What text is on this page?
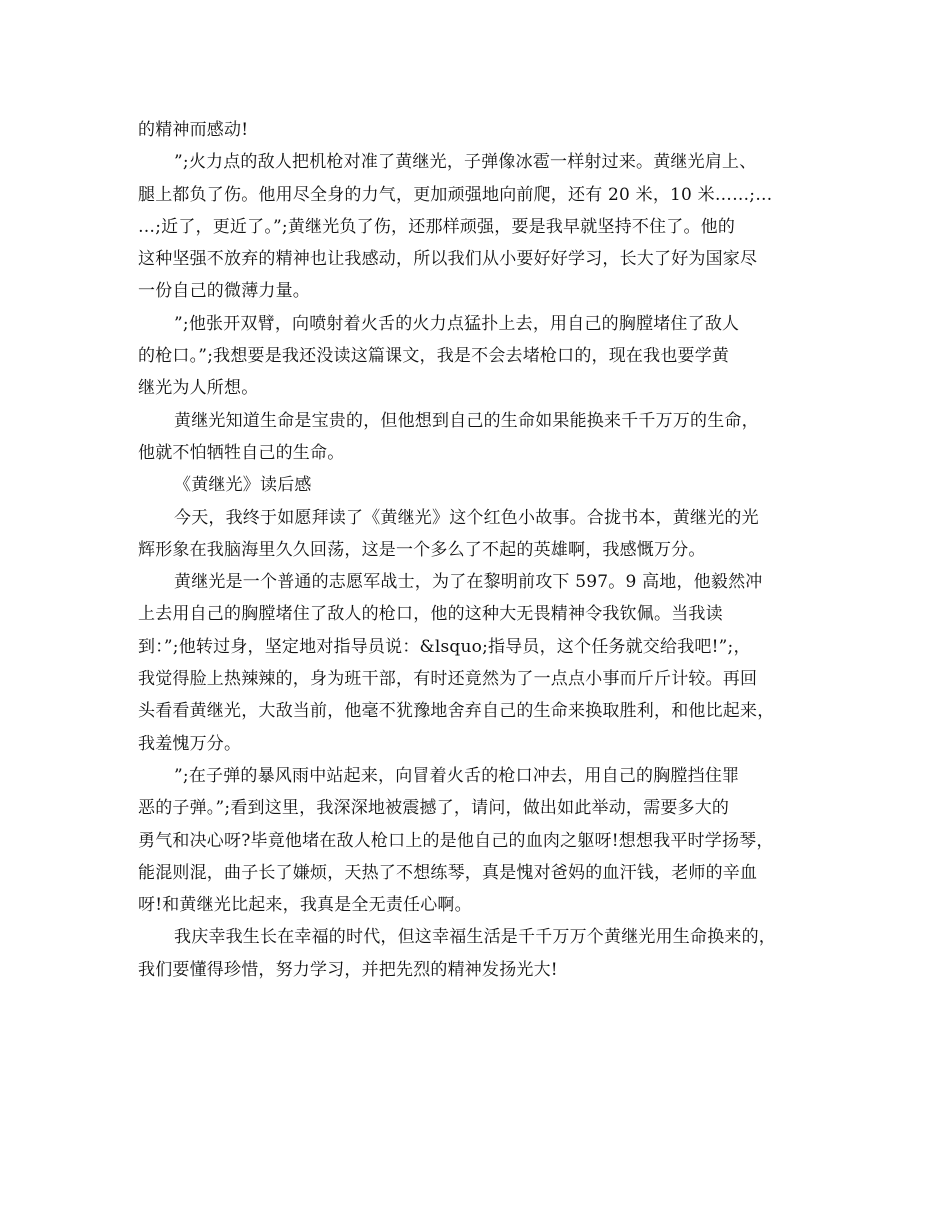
的精神而感动!
”;火力点的敌人把机枪对准了黄继光，子弹像冰雹一样射过来。黄继光肩上、
腿上都负了伤。他用尽全身的力气，更加顽强地向前爬，还有 20 米，10 米……;…
…;近了，更近了。”;黄继光负了伤，还那样顽强，要是我早就坚持不住了。他的
这种坚强不放弃的精神也让我感动，所以我们从小要好好学习，长大了好为国家尽
一份自己的微薄力量。
”;他张开双臂，向喷射着火舌的火力点猛扑上去，用自己的胸膛堵住了敌人
的枪口。”;我想要是我还没读这篇课文，我是不会去堵枪口的，现在我也要学黄
继光为人所想。
黄继光知道生命是宝贵的，但他想到自己的生命如果能换来千千万万的生命，
他就不怕牺牲自己的生命。
《黄继光》读后感
今天，我终于如愿拜读了《黄继光》这个红色小故事。合拢书本，黄继光的光
辉形象在我脑海里久久回荡，这是一个多么了不起的英雄啊，我感慨万分。
黄继光是一个普通的志愿军战士，为了在黎明前攻下 597。9 高地，他毅然冲
上去用自己的胸膛堵住了敌人的枪口，他的这种大无畏精神令我钦佩。当我读
到：”;他转过身，坚定地对指导员说：&lsquo;指导员，这个任务就交给我吧!”;，
我觉得脸上热辣辣的，身为班干部，有时还竟然为了一点点小事而斤斤计较。再回
头看看黄继光，大敌当前，他毫不犹豫地舍弃自己的生命来换取胜利，和他比起来，
我羞愧万分。
”;在子弹的暴风雨中站起来，向冒着火舌的枪口冲去，用自己的胸膛挡住罪
恶的子弹。”;看到这里，我深深地被震撼了，请问，做出如此举动，需要多大的
勇气和决心呀?毕竟他堵在敌人枪口上的是他自己的血肉之躯呀!想想我平时学扬琴，
能混则混，曲子长了嫌烦，天热了不想练琴，真是愧对爸妈的血汗钱，老师的辛血
呀!和黄继光比起来，我真是全无责任心啊。
我庆幸我生长在幸福的时代，但这幸福生活是千千万万个黄继光用生命换来的，
我们要懂得珍惜，努力学习，并把先烈的精神发扬光大!
